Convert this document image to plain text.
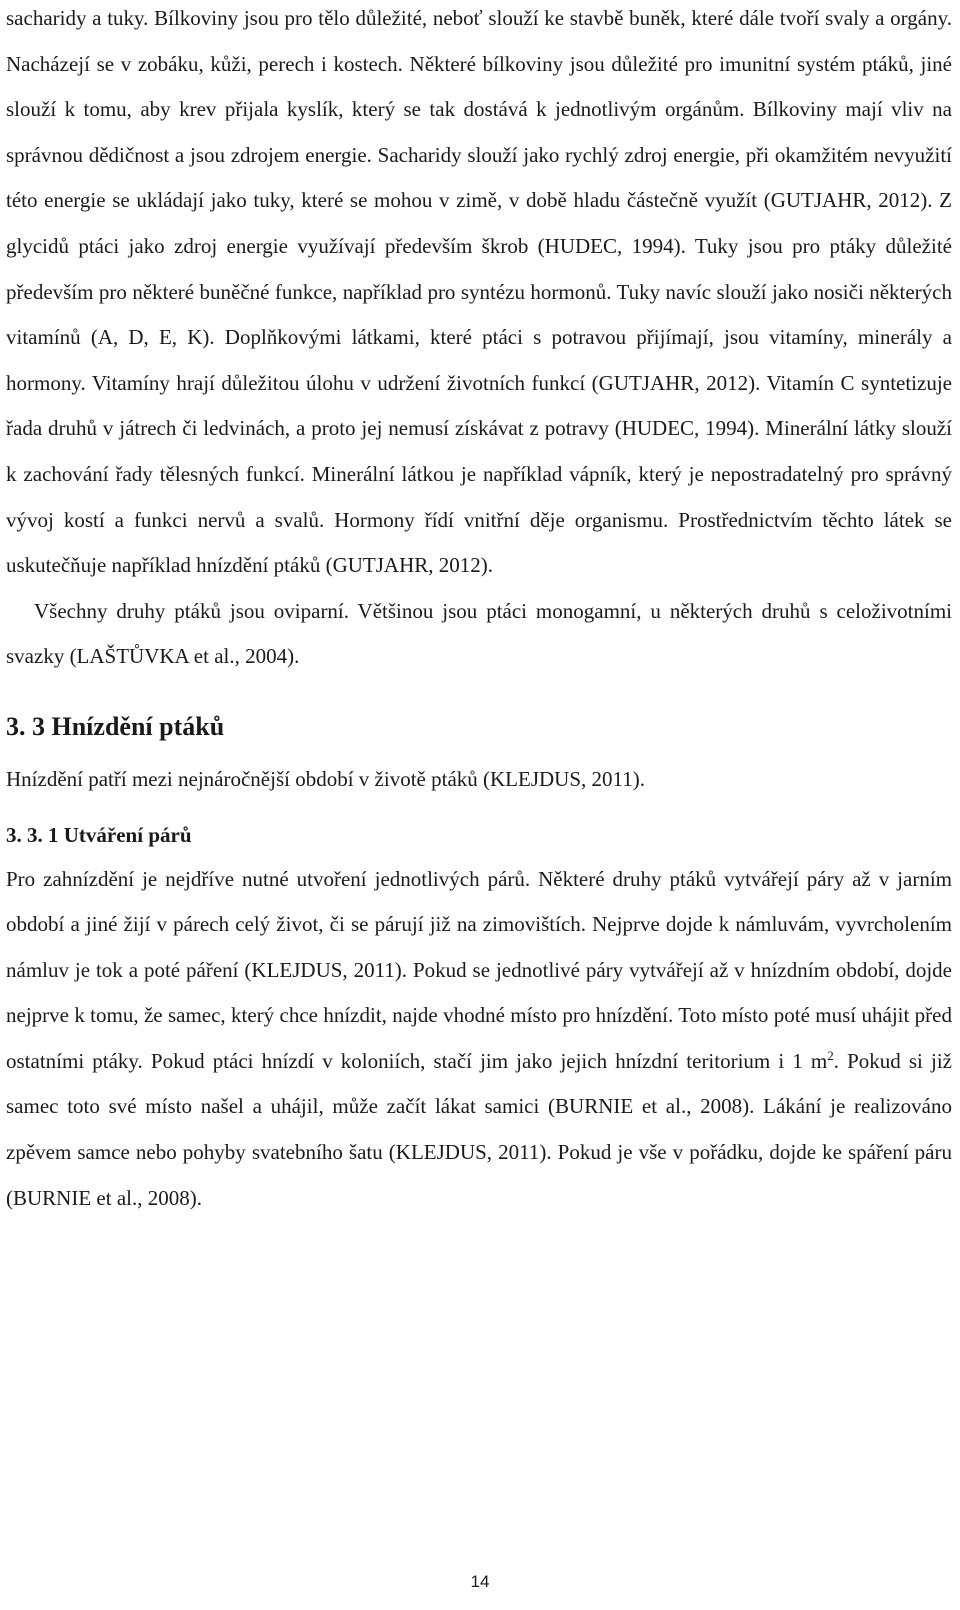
sacharidy a tuky. Bílkoviny jsou pro tělo důležité, neboť slouží ke stavbě buněk, které dále tvoří svaly a orgány. Nacházejí se v zobáku, kůži, perech i kostech. Některé bílkoviny jsou důležité pro imunitní systém ptáků, jiné slouží k tomu, aby krev přijala kyslík, který se tak dostává k jednotlivým orgánům. Bílkoviny mají vliv na správnou dědičnost a jsou zdrojem energie. Sacharidy slouží jako rychlý zdroj energie, při okamžitém nevyužití této energie se ukládají jako tuky, které se mohou v zimě, v době hladu částečně využít (GUTJAHR, 2012). Z glycidů ptáci jako zdroj energie využívají především škrob (HUDEC, 1994). Tuky jsou pro ptáky důležité především pro některé buněčné funkce, například pro syntézu hormonů. Tuky navíc slouží jako nosiči některých vitamínů (A, D, E, K). Doplňkovými látkami, které ptáci s potravou přijímají, jsou vitamíny, minerály a hormony. Vitamíny hrají důležitou úlohu v udržení životních funkcí (GUTJAHR, 2012). Vitamín C syntetizuje řada druhů v játrech či ledvinách, a proto jej nemusí získávat z potravy (HUDEC, 1994). Minerální látky slouží k zachování řady tělesných funkcí. Minerální látkou je například vápník, který je nepostradatelný pro správný vývoj kostí a funkci nervů a svalů. Hormony řídí vnitřní děje organismu. Prostřednictvím těchto látek se uskutečňuje například hnízdění ptáků (GUTJAHR, 2012).

Všechny druhy ptáků jsou oviparní. Většinou jsou ptáci monogamní, u některých druhů s celoživotními svazky (LAŠTŮVKA et al., 2004).

3. 3 Hnízdění ptáků

Hnízdění patří mezi nejnáročnější období v životě ptáků (KLEJDUS, 2011).

3. 3. 1 Utváření párů

Pro zahnízdění je nejdříve nutné utvoření jednotlivých párů. Některé druhy ptáků vytvářejí páry až v jarním období a jiné žijí v párech celý život, či se párují již na zimovištích. Nejprve dojde k námluvám, vyvrcholením námluv je tok a poté páření (KLEJDUS, 2011). Pokud se jednotlivé páry vytvářejí až v hnízdním období, dojde nejprve k tomu, že samec, který chce hnízdit, najde vhodné místo pro hnízdění. Toto místo poté musí uhájit před ostatními ptáky. Pokud ptáci hnízdí v koloniích, stačí jim jako jejich hnízdní teritorium i 1 $m^2$. Pokud si již samec toto své místo našel a uhájil, může začít lákat samici (BURNIE et al., 2008). Lákání je realizováno zpěvem samce nebo pohyby svatebního šatu (KLEJDUS, 2011). Pokud je vše v pořádku, dojde ke spáření páru (BURNIE et al., 2008).

14
